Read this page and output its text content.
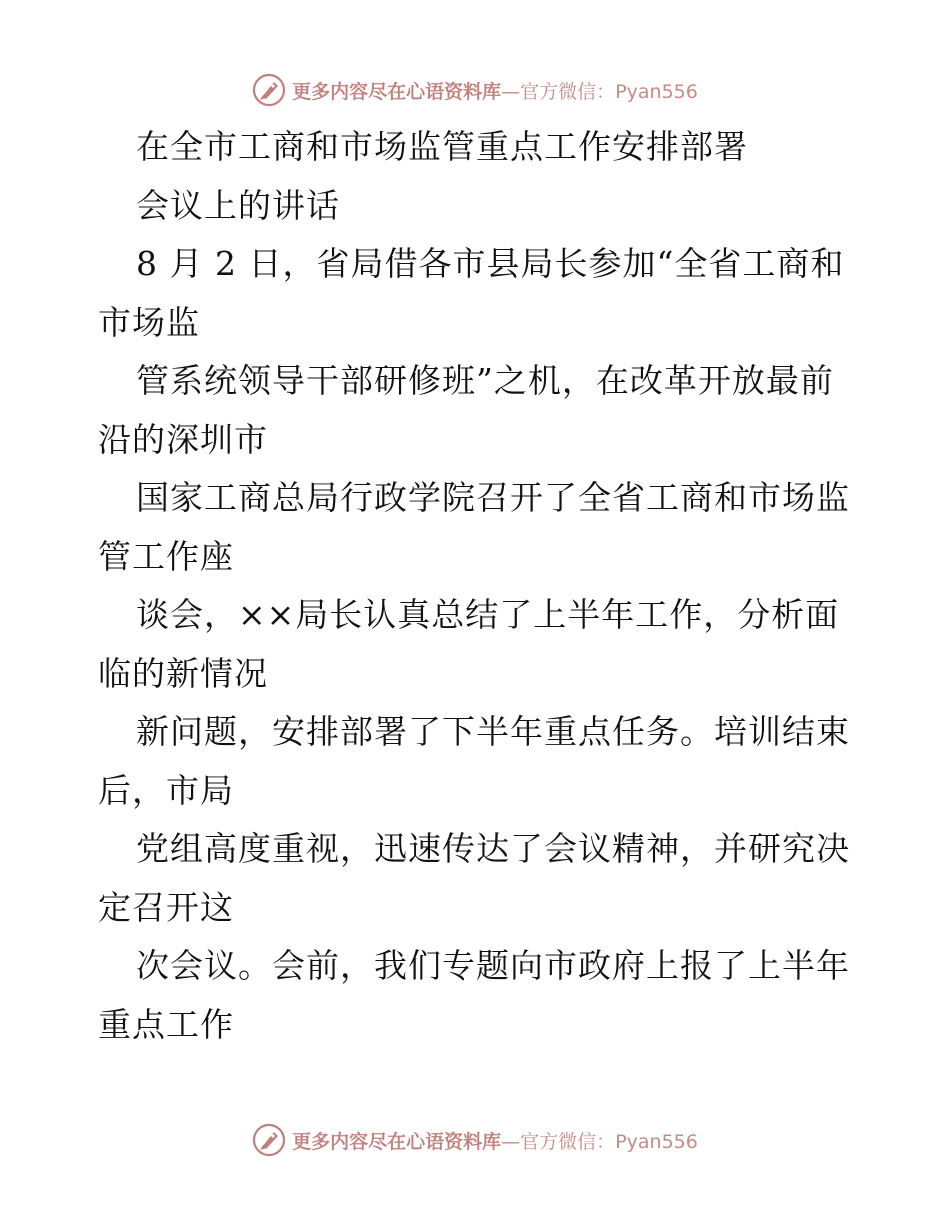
更多内容尽在心语资料库—官方微信：Pyan556
在全市工商和市场监管重点工作安排部署
会议上的讲话
8 月 2 日，省局借各市县局长参加“全省工商和
市场监
管系统领导干部研修班”之机，在改革开放最前
沿的深圳市
国家工商总局行政学院召开了全省工商和市场监
管工作座
谈会，××局长认真总结了上半年工作，分析面
临的新情况
新问题，安排部署了下半年重点任务。培训结束
后，市局
党组高度重视，迅速传达了会议精神，并研究决
定召开这
次会议。会前，我们专题向市政府上报了上半年
重点工作
更多内容尽在心语资料库—官方微信：Pyan556
